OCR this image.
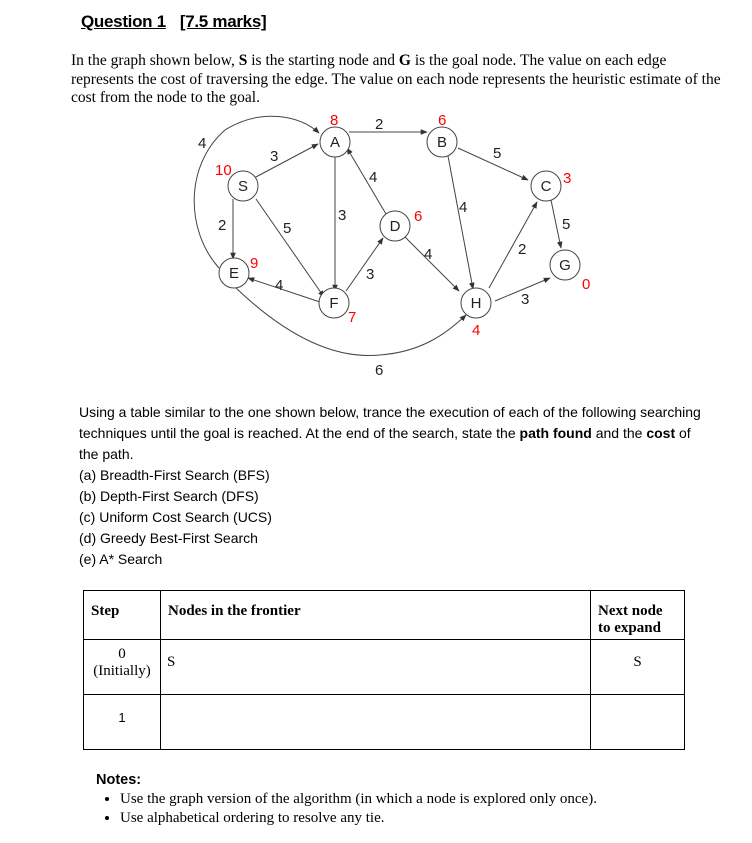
Question 1 [7.5 marks]
In the graph shown below, S is the starting node and G is the goal node. The value on each edge represents the cost of traversing the edge. The value on each node represents the heuristic estimate of the cost from the node to the goal.
3
2	5
4
2
3
4
4
3
4
6
5
4
2
3
5
S
A	B
C
D
E
F
G
H
10
8	6
3
6
9
7
0
4
Using a table similar to the one shown below, trance the execution of each of the following searching techniques until the goal is reached. At the end of the search, state the path found and the cost of the path.
(a) Breadth-First Search (BFS)
(b) Depth-First Search (DFS)
(c) Uniform Cost Search (UCS)
(d) Greedy Best-First Search
(e) A* Search
Step	Nodes in the frontier	Next node to expand

0
(Initially)	S	S

1		

Notes:
• Use the graph version of the algorithm (in which a node is explored only once).
• Use alphabetical ordering to resolve any tie.
